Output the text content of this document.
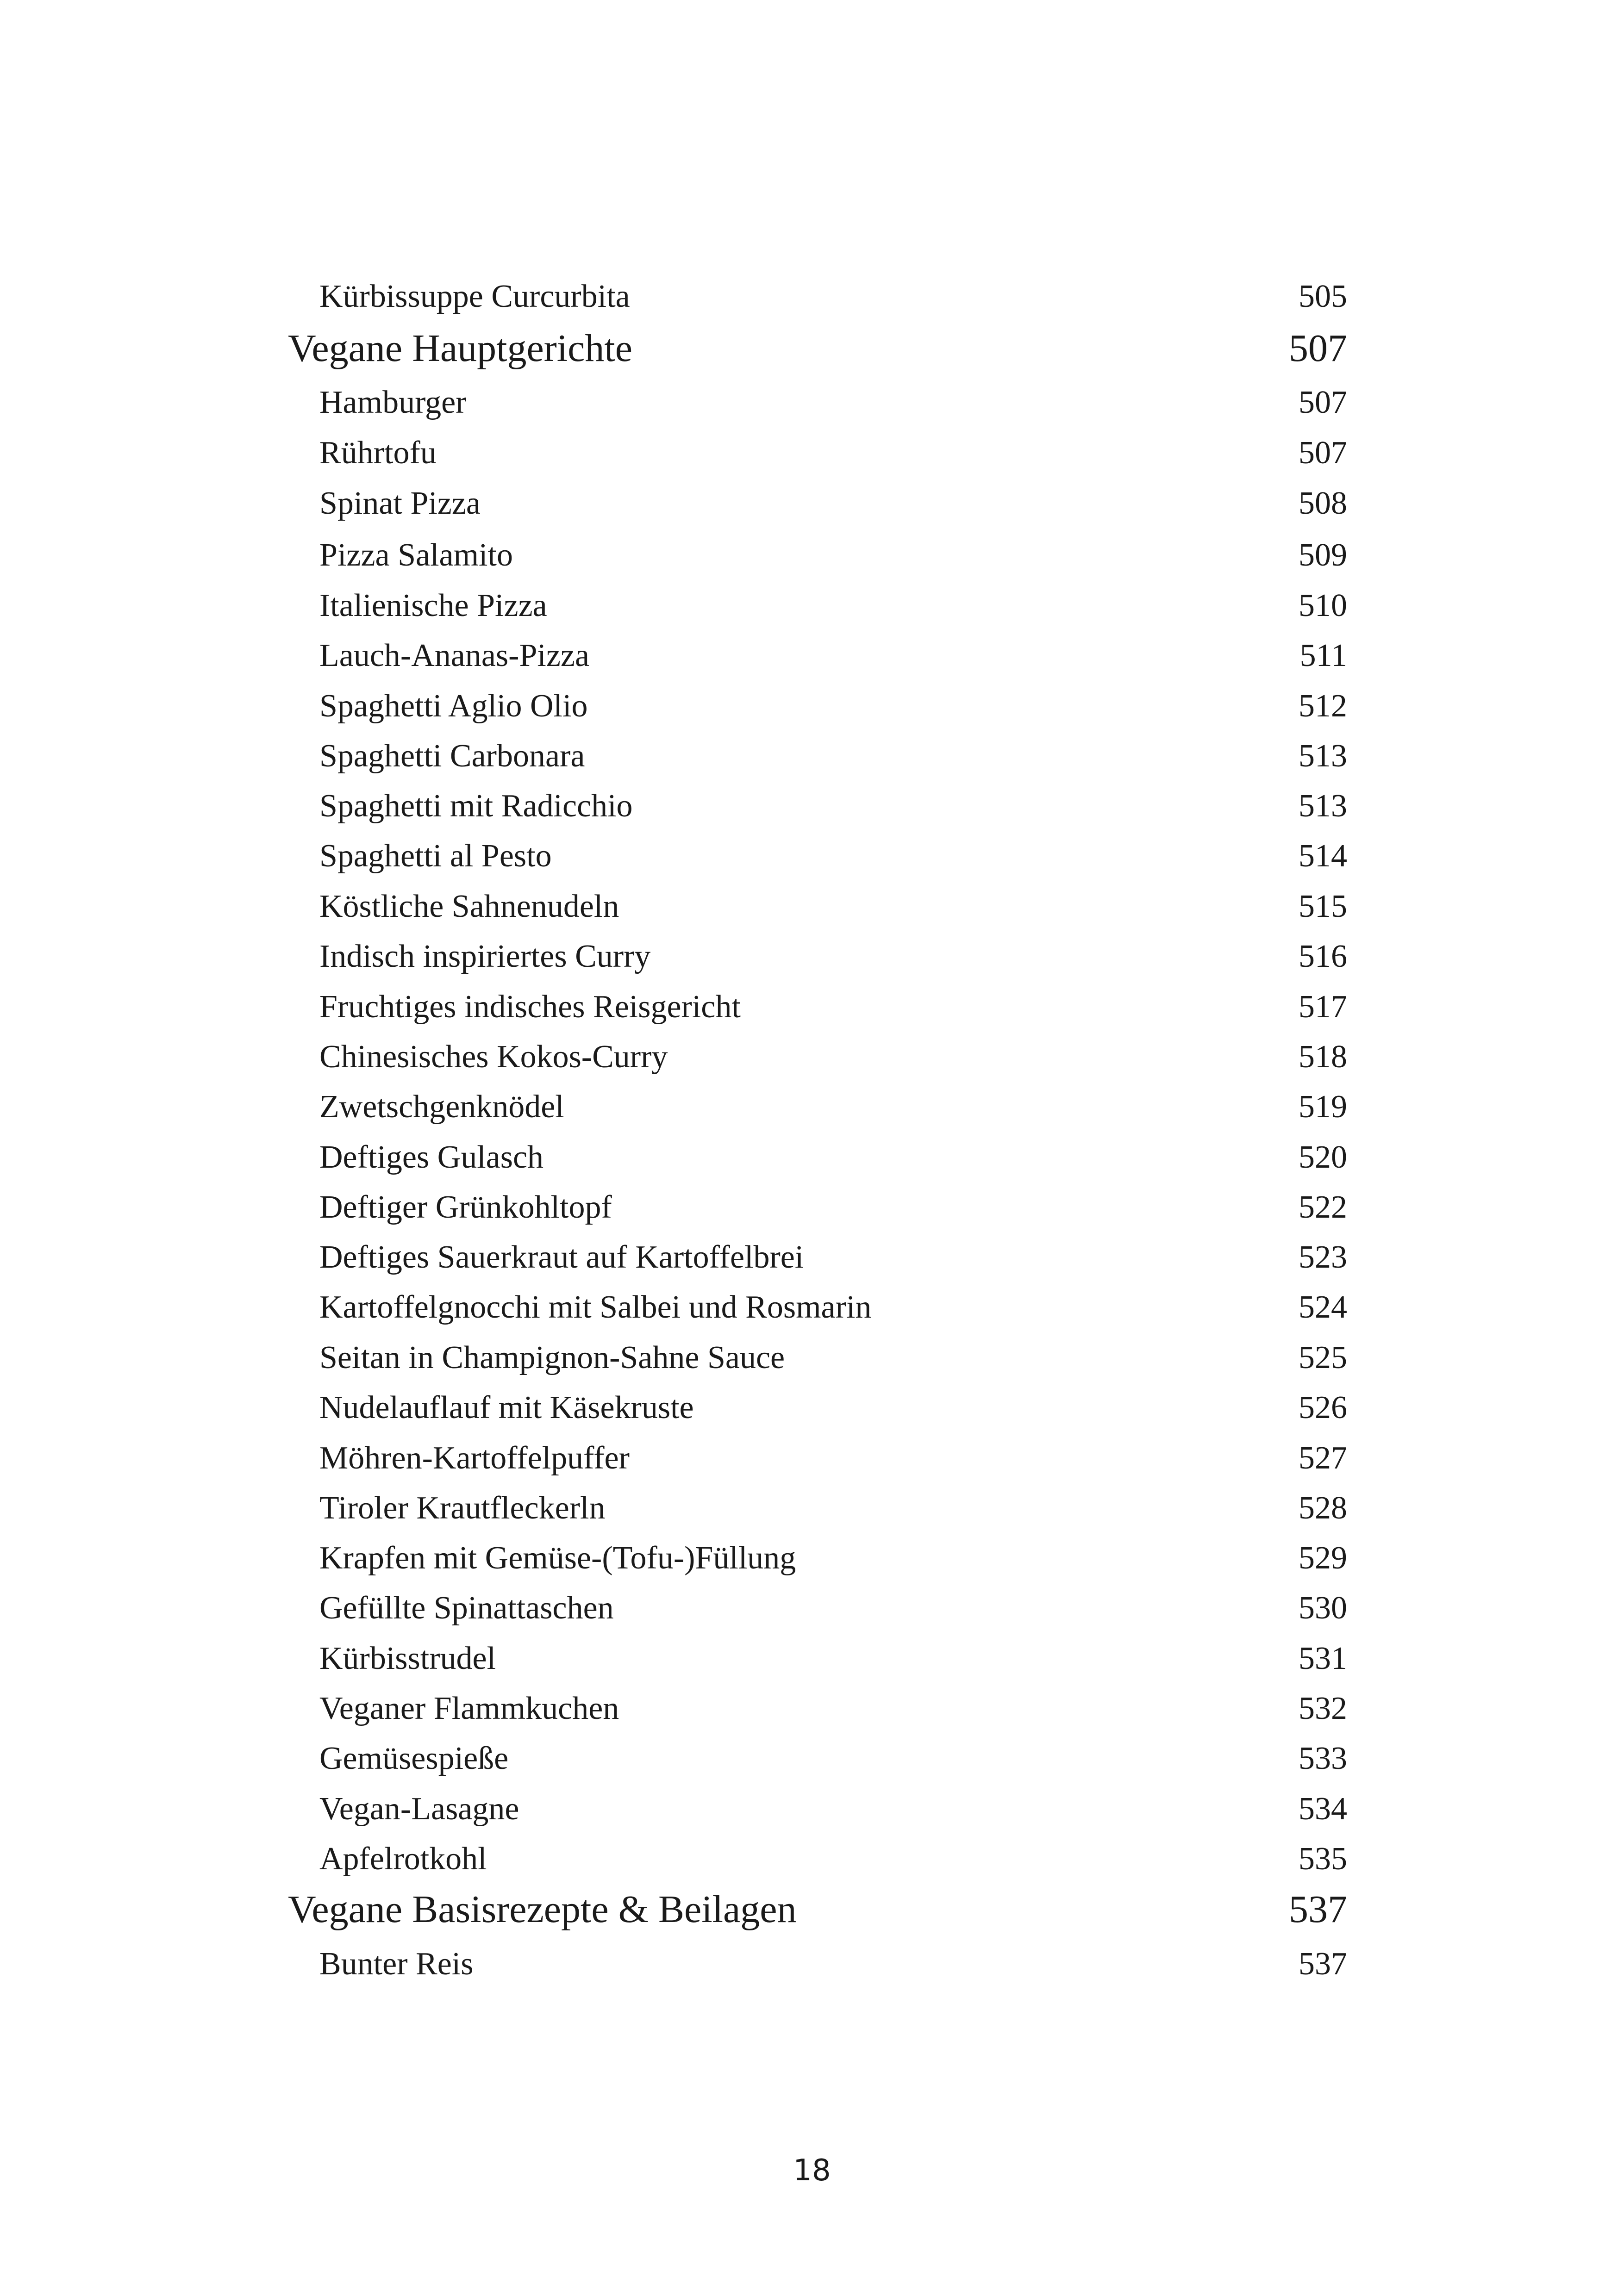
Kürbissuppe Curcurbita	505
Vegane Hauptgerichte	507
Hamburger	507
Rührtofu	507
Spinat Pizza	508
Pizza Salamito	509
Italienische Pizza	510
Lauch-Ananas-Pizza	511
Spaghetti Aglio Olio	512
Spaghetti Carbonara	513
Spaghetti mit Radicchio	513
Spaghetti al Pesto	514
Köstliche Sahnenudeln	515
Indisch inspiriertes Curry	516
Fruchtiges indisches Reisgericht	517
Chinesisches Kokos-Curry	518
Zwetschgenknödel	519
Deftiges Gulasch	520
Deftiger Grünkohltopf	522
Deftiges Sauerkraut auf Kartoffelbrei	523
Kartoffelgnocchi mit Salbei und Rosmarin	524
Seitan in Champignon-Sahne Sauce	525
Nudelauflauf mit Käsekruste	526
Möhren-Kartoffelpuffer	527
Tiroler Krautfleckerln	528
Krapfen mit Gemüse-(Tofu-)Füllung	529
Gefüllte Spinattaschen	530
Kürbisstrudel	531
Veganer Flammkuchen	532
Gemüsespieße	533
Vegan-Lasagne	534
Apfelrotkohl	535
Vegane Basisrezepte & Beilagen	537
Bunter Reis	537
18
